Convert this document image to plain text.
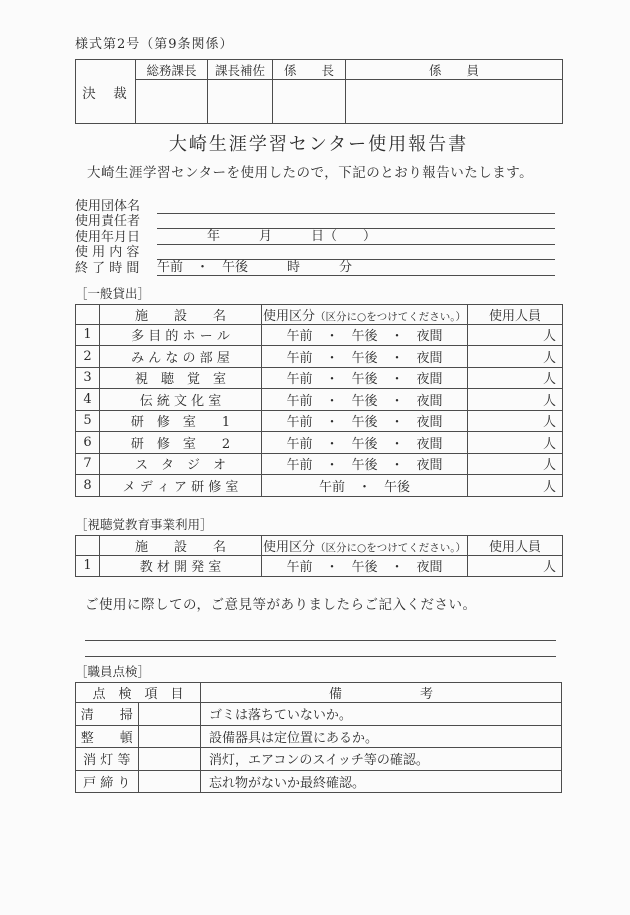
様式第2号（第9条関係）
決　裁	総務課長	課長補佐	係　　長	係　　員

大崎生涯学習センター使用報告書
大崎生涯学習センターを使用したので，下記のとおり報告いたします。
使用団体名
使用責任者
使用年月日	年　　　月　　　日（　　）
使 用 内 容
終 了 時 間	午前　・　午後　　　時　　　分
［一般貸出］
	施　　設　　名	使用区分（区分に○をつけてください。）	使用人員
1	多 目 的 ホ ー ル	午前　・　午後　・　夜間	人
2	み ん な の 部 屋	午前　・　午後　・　夜間	人
3	視　聴　覚　室	午前　・　午後　・　夜間	人
4	伝 統 文 化 室	午前　・　午後　・　夜間	人
5	研　修　室　　1	午前　・　午後　・　夜間	人
6	研　修　室　　2	午前　・　午後　・　夜間	人
7	ス　タ　ジ　オ	午前　・　午後　・　夜間	人
8	メ デ ィ ア 研 修 室	午前　・　午後	人
［視聴覚教育事業利用］
	施　　設　　名	使用区分（区分に○をつけてください。）	使用人員
1	教 材 開 発 室	午前　・　午後　・　夜間	人
ご使用に際しての，ご意見等がありましたらご記入ください。
［職員点検］
点　検　項　目		備　　　　　　考
清　　掃		ゴミは落ちていないか。
整　　頓		設備器具は定位置にあるか。
消 灯 等		消灯，エアコンのスイッチ等の確認。
戸 締 り		忘れ物がないか最終確認。
